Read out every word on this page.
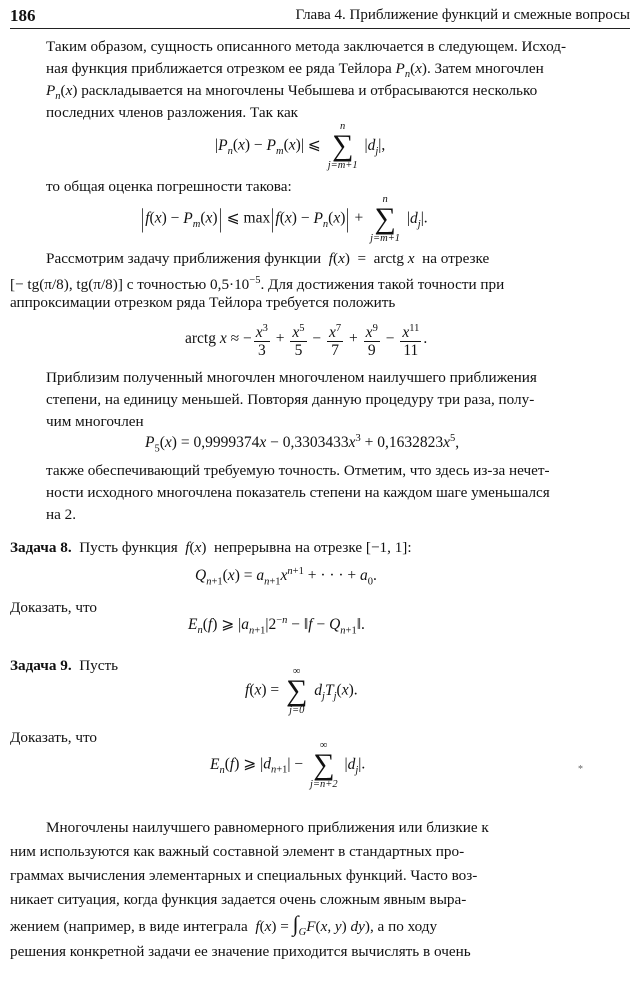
186	Глава 4. Приближение функций и смежные вопросы
Таким образом, сущность описанного метода заключается в следующем. Исход-
ная функция приближается отрезком ее ряда Тейлора $P_n(x)$. Затем многочлен
$P_n(x)$ раскладывается на многочлены Чебышева и отбрасываются несколько
последних членов разложения. Так как
$|P_n(x) - P_m(x)|$ ⩽
n
∑
j=m+1
$|d_j|$,
то общая оценка погрешности такова:
$|f(x) - P_m(x)|$ ⩽ $\max|f(x) - P_n(x)|$ +
n
∑
j=m+1
$|d_j|$.
Рассмотрим задачу приближения функции f(x)  =  arctg x на отрезке
[− tg(π/8), tg(π/8)] с точностью $0,5\cdot 10^{-5}$. Для достижения такой точности при
аппроксимации отрезком ряда Тейлора требуется положить
arctg x ≈ − $\frac{x^3}{3} + \frac{x^5}{5} - \frac{x^7}{7} + \frac{x^9}{9} - \frac{x^{11}}{11}$ .
Приблизим полученный многочлен многочленом наилучшего приближения
степени, на единицу меньшей. Повторяя данную процедуру три раза, полу-
чим многочлен
$P_5(x) = 0,9999374x - 0,3303433x^3 + 0,1632823x^5$,
также обеспечивающий требуемую точность. Отметим, что здесь из-за нечет-
ности исходного многочлена показатель степени на каждом шаге уменьшался
на 2.
Задача 8. Пусть функция f(x)  непрерывна на отрезке [−1, 1]:
$Q_{n+1}(x) = a_{n+1}x^{n+1}$ + · · · + $a_0$.
Доказать, что
$E_n(f)$ ⩾ $|a_{n+1}|2^{-n}$ − ‖f − $Q_{n+1}‖$.
Задача 9. Пусть
f(x) =
∞
∑
j=0
$d_jT_j(x)$.
Доказать, что
$E_n(f)$ ⩾ $|d_{n+1}|$ −
∞
∑
j=n+2
$|d_j|$.	*
Многочлены наилучшего равномерного приближения или близкие к
ним используются как важный составной элемент в стандартных про-
граммах вычисления элементарных и специальных функций. Часто воз-
никает ситуация, когда функция задается очень сложным явным выра-
жением (например, в виде интеграла $f(x) = \int_GF(x$, y) dy), а по ходу
решения конкретной задачи ее значение приходится вычислять в очень
